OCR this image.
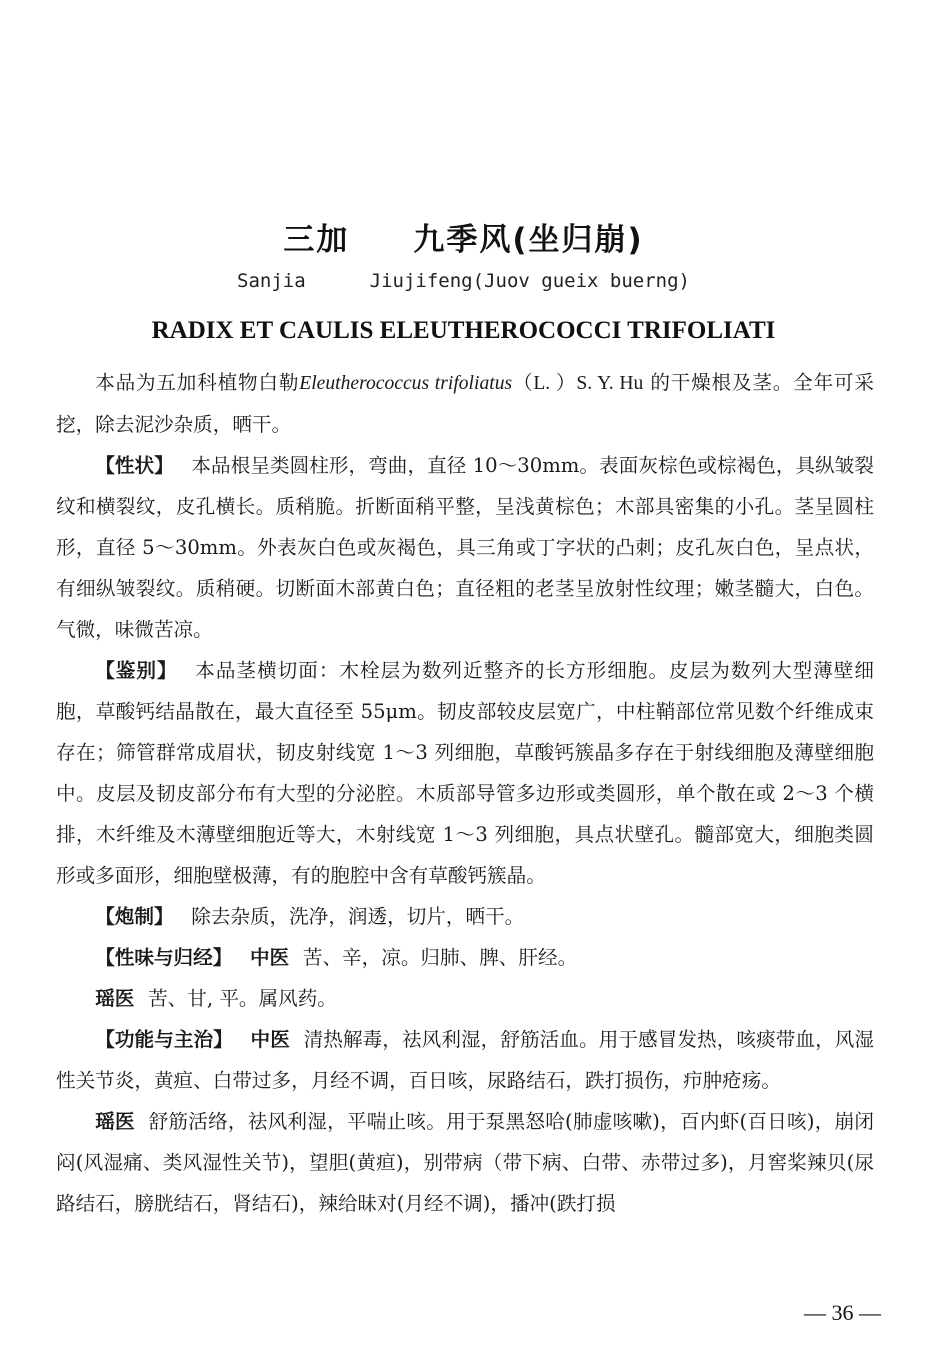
三加 九季风(坐归崩)
Sanjia	Jiujifeng(Juov gueix buerng)
RADIX ET CAULIS ELEUTHEROCOCCI TRIFOLIATI

本品为五加科植物白勒Eleutherococcus trifoliatus（L. ）S. Y. Hu 的干燥根及茎。全年可采挖，除去泥沙杂质，晒干。

【性状】 本品根呈类圆柱形，弯曲，直径 10～30mm。表面灰棕色或棕褐色，具纵皱裂纹和横裂纹，皮孔横长。质稍脆。折断面稍平整，呈浅黄棕色；木部具密集的小孔。茎呈圆柱形，直径 5～30mm。外表灰白色或灰褐色，具三角或丁字状的凸刺；皮孔灰白色，呈点状，有细纵皱裂纹。质稍硬。切断面木部黄白色；直径粗的老茎呈放射性纹理；嫩茎髓大，白色。气微，味微苦凉。

【鉴别】 本品茎横切面：木栓层为数列近整齐的长方形细胞。皮层为数列大型薄壁细胞，草酸钙结晶散在，最大直径至 55μm。韧皮部较皮层宽广，中柱鞘部位常见数个纤维成束存在；筛管群常成眉状，韧皮射线宽 1～3 列细胞，草酸钙簇晶多存在于射线细胞及薄壁细胞中。皮层及韧皮部分布有大型的分泌腔。木质部导管多边形或类圆形，单个散在或 2～3 个横排，木纤维及木薄壁细胞近等大，木射线宽 1～3 列细胞，具点状壁孔。髓部宽大，细胞类圆形或多面形，细胞壁极薄，有的胞腔中含有草酸钙簇晶。

【炮制】 除去杂质，洗净，润透，切片，晒干。

【性味与归经】 中医 苦、辛，凉。归肺、脾、肝经。

瑶医 苦、甘, 平。属风药。

【功能与主治】 中医 清热解毒，祛风利湿，舒筋活血。用于感冒发热，咳痰带血，风湿性关节炎，黄疸、白带过多，月经不调，百日咳，尿路结石，跌打损伤，疖肿疮疡。

瑶医 舒筋活络，祛风利湿，平喘止咳。用于泵黑怒哈(肺虚咳嗽)，百内虾(百日咳)，崩闭闷(风湿痛、类风湿性关节)，望胆(黄疸)，别带病（带下病、白带、赤带过多)，月窖桨辣贝(尿路结石，膀胱结石，肾结石)，辣给昧对(月经不调)，播冲(跌打损

— 36 —
